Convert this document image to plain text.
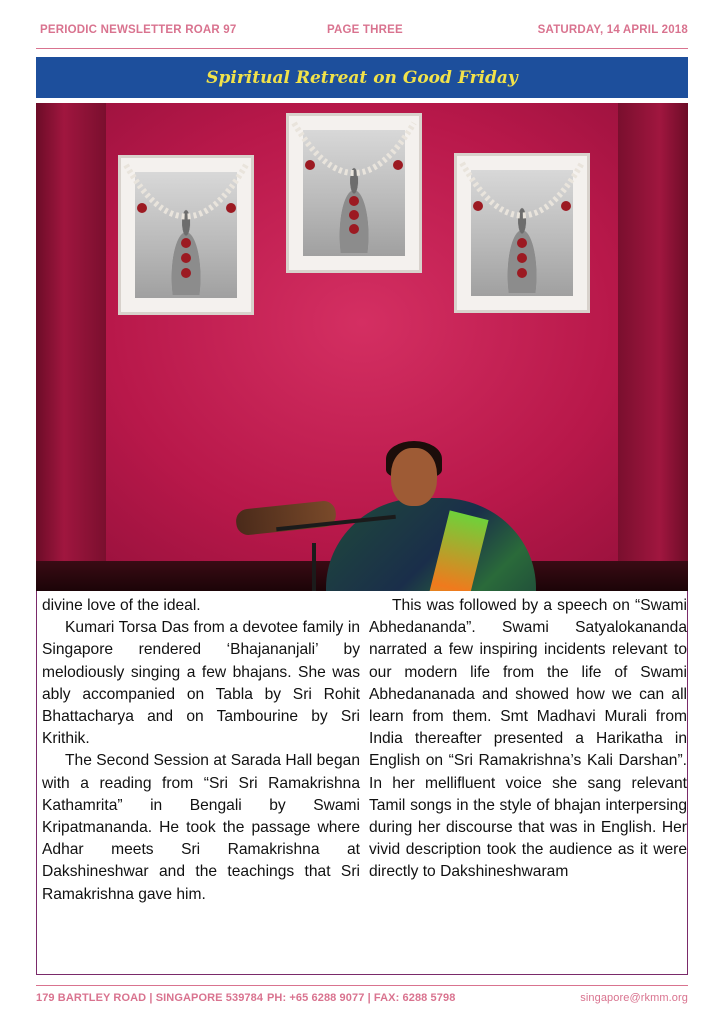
PERIODIC NEWSLETTER ROAR 97	PAGE THREE	SATURDAY, 14 APRIL 2018
Spiritual Retreat on Good Friday

divine love of the ideal.

Kumari Torsa Das from a devotee family in Singapore rendered ‘Bhajananjali’ by melodiously singing a few bhajans. She was ably accompanied on Tabla by Sri Rohit Bhattacharya and on Tambourine by Sri Krithik.

The Second Session at Sarada Hall began with a reading from “Sri Sri Ramakrishna Kathamrita” in Bengali by Swami Kripatmananda. He took the passage where Adhar meets Sri Ramakrishna at Dakshineshwar and the teachings that Sri Ramakrishna gave him.

This was followed by a speech on “Swami Abhedananda”. Swami Satyalokananda narrated a few inspiring incidents relevant to our modern life from the life of Swami Abhedananada and showed how we can all learn from them. Smt Madhavi Murali from India thereafter presented a Harikatha in English on “Sri Ramakrishna’s Kali Darshan”. In her mellifluent voice she sang relevant Tamil songs in the style of bhajan interpersing during her discourse that was in English. Her vivid description took the audience as it were directly to Dakshineshwaram

179 BARTLEY ROAD | SINGAPORE 539784 PH: +65 6288 9077 | FAX: 6288 5798	singapore@rkmm.org
